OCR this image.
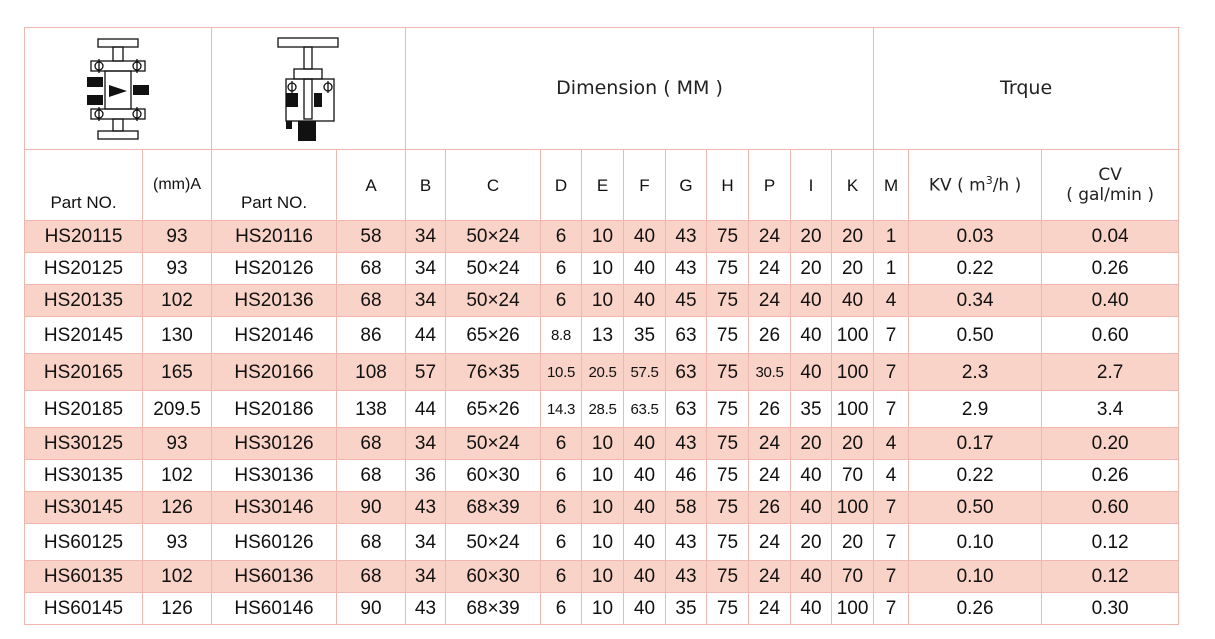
	Dimension ( MM )										Trque	
Part NO.	(mm)A	Part NO.	A	B	C	D	E	F	G	H	P	I	K	M	KV ( $m^3/h$ )	CV
( gal/min )	

HS20115	93	HS20116	58	34	50×24	6	10	40	43	75	24	20	20	1	0.03	0.04	
HS20125	93	HS20126	68	34	50×24	6	10	40	43	75	24	20	20	1	0.22	0.26	
HS20135	102	HS20136	68	34	50×24	6	10	40	45	75	24	40	40	4	0.34	0.40	
HS20145	130	HS20146	86	44	65×26	8.8	13	35	63	75	26	40	100	7	0.50	0.60	
HS20165	165	HS20166	108	57	76×35	10.5	20.5	57.5	63	75	30.5	40	100	7	2.3	2.7	
HS20185	209.5	HS20186	138	44	65×26	14.3	28.5	63.5	63	75	26	35	100	7	2.9	3.4	
HS30125	93	HS30126	68	34	50×24	6	10	40	43	75	24	20	20	4	0.17	0.20	
HS30135	102	HS30136	68	36	60×30	6	10	40	46	75	24	40	70	4	0.22	0.26	
HS30145	126	HS30146	90	43	68×39	6	10	40	58	75	26	40	100	7	0.50	0.60	
HS60125	93	HS60126	68	34	50×24	6	10	40	43	75	24	20	20	7	0.10	0.12	
HS60135	102	HS60136	68	34	60×30	6	10	40	43	75	24	40	70	7	0.10	0.12	
HS60145	126	HS60146	90	43	68×39	6	10	40	35	75	24	40	100	7	0.26	0.30	
